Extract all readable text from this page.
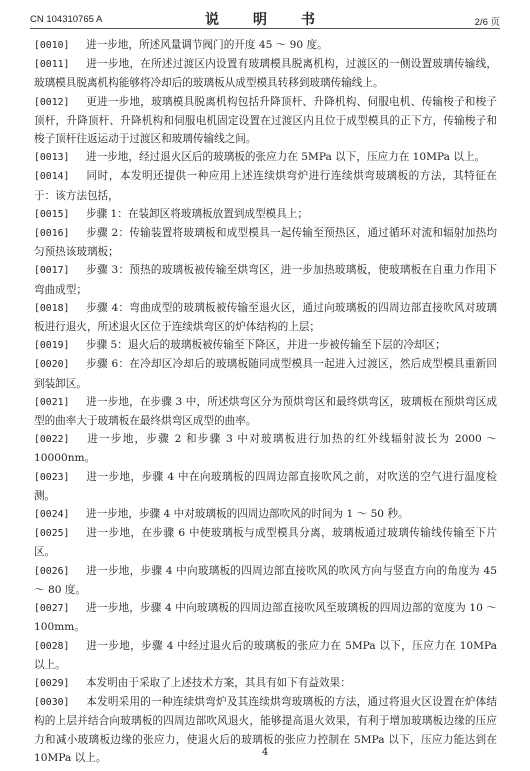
CN 104310765 A	说　明　书	2/6 页

[0010] 进一步地，所述风量调节阀门的开度 45 ～ 90 度。

[0011] 进一步地，在所述过渡区内设置有玻璃模具脱离机构，过渡区的一侧设置玻璃传输线，玻璃模具脱离机构能够将冷却后的玻璃板从成型模具转移到玻璃传输线上。

[0012] 更进一步地，玻璃模具脱离机构包括升降顶杆、升降机构、伺服电机、传输梭子和梭子顶杆，升降顶杆、升降机构和伺服电机固定设置在过渡区内且位于成型模具的正下方，传输梭子和梭子顶杆往返运动于过渡区和玻璃传输线之间。

[0013] 进一步地，经过退火区后的玻璃板的张应力在 5MPa 以下，压应力在 10MPa 以上。

[0014] 同时，本发明还提供一种应用上述连续烘弯炉进行连续烘弯玻璃板的方法，其特征在于：该方法包括，

[0015] 步骤 1：在装卸区将玻璃板放置到成型模具上；

[0016] 步骤 2：传输装置将玻璃板和成型模具一起传输至预热区，通过循环对流和辐射加热均匀预热该玻璃板；

[0017] 步骤 3：预热的玻璃板被传输至烘弯区，进一步加热玻璃板，使玻璃板在自重力作用下弯曲成型；

[0018] 步骤 4：弯曲成型的玻璃板被传输至退火区，通过向玻璃板的四周边部直接吹风对玻璃板进行退火，所述退火区位于连续烘弯区的炉体结构的上层；

[0019] 步骤 5：退火后的玻璃板被传输至下降区，并进一步被传输至下层的冷却区；

[0020] 步骤 6：在冷却区冷却后的玻璃板随同成型模具一起进入过渡区，然后成型模具重新回到装卸区。

[0021] 进一步地，在步骤 3 中，所述烘弯区分为预烘弯区和最终烘弯区，玻璃板在预烘弯区成型的曲率大于玻璃板在最终烘弯区成型的曲率。

[0022] 进一步地，步骤 2 和步骤 3 中对玻璃板进行加热的红外线辐射波长为 2000 ～ 10000nm。

[0023] 进一步地，步骤 4 中在向玻璃板的四周边部直接吹风之前，对吹送的空气进行温度检测。

[0024] 进一步地，步骤 4 中对玻璃板的四周边部吹风的时间为 1 ～ 50 秒。

[0025] 进一步地，在步骤 6 中使玻璃板与成型模具分离，玻璃板通过玻璃传输线传输至下片区。

[0026] 进一步地，步骤 4 中向玻璃板的四周边部直接吹风的吹风方向与竖直方向的角度为 45 ～ 80 度。

[0027] 进一步地，步骤 4 中向玻璃板的四周边部直接吹风至玻璃板的四周边部的宽度为 10 ～ 100mm。

[0028] 进一步地，步骤 4 中经过退火后的玻璃板的张应力在 5MPa 以下，压应力在 10MPa 以上。

[0029] 本发明由于采取了上述技术方案，其具有如下有益效果：

[0030] 本发明采用的一种连续烘弯炉及其连续烘弯玻璃板的方法，通过将退火区设置在炉体结构的上层并结合向玻璃板的四周边部吹风退火，能够提高退火效果，有利于增加玻璃板边缘的压应力和减小玻璃板边缘的张应力，使退火后的玻璃板的张应力控制在 5MPa 以下，压应力能达到在 10MPa 以上。	4
